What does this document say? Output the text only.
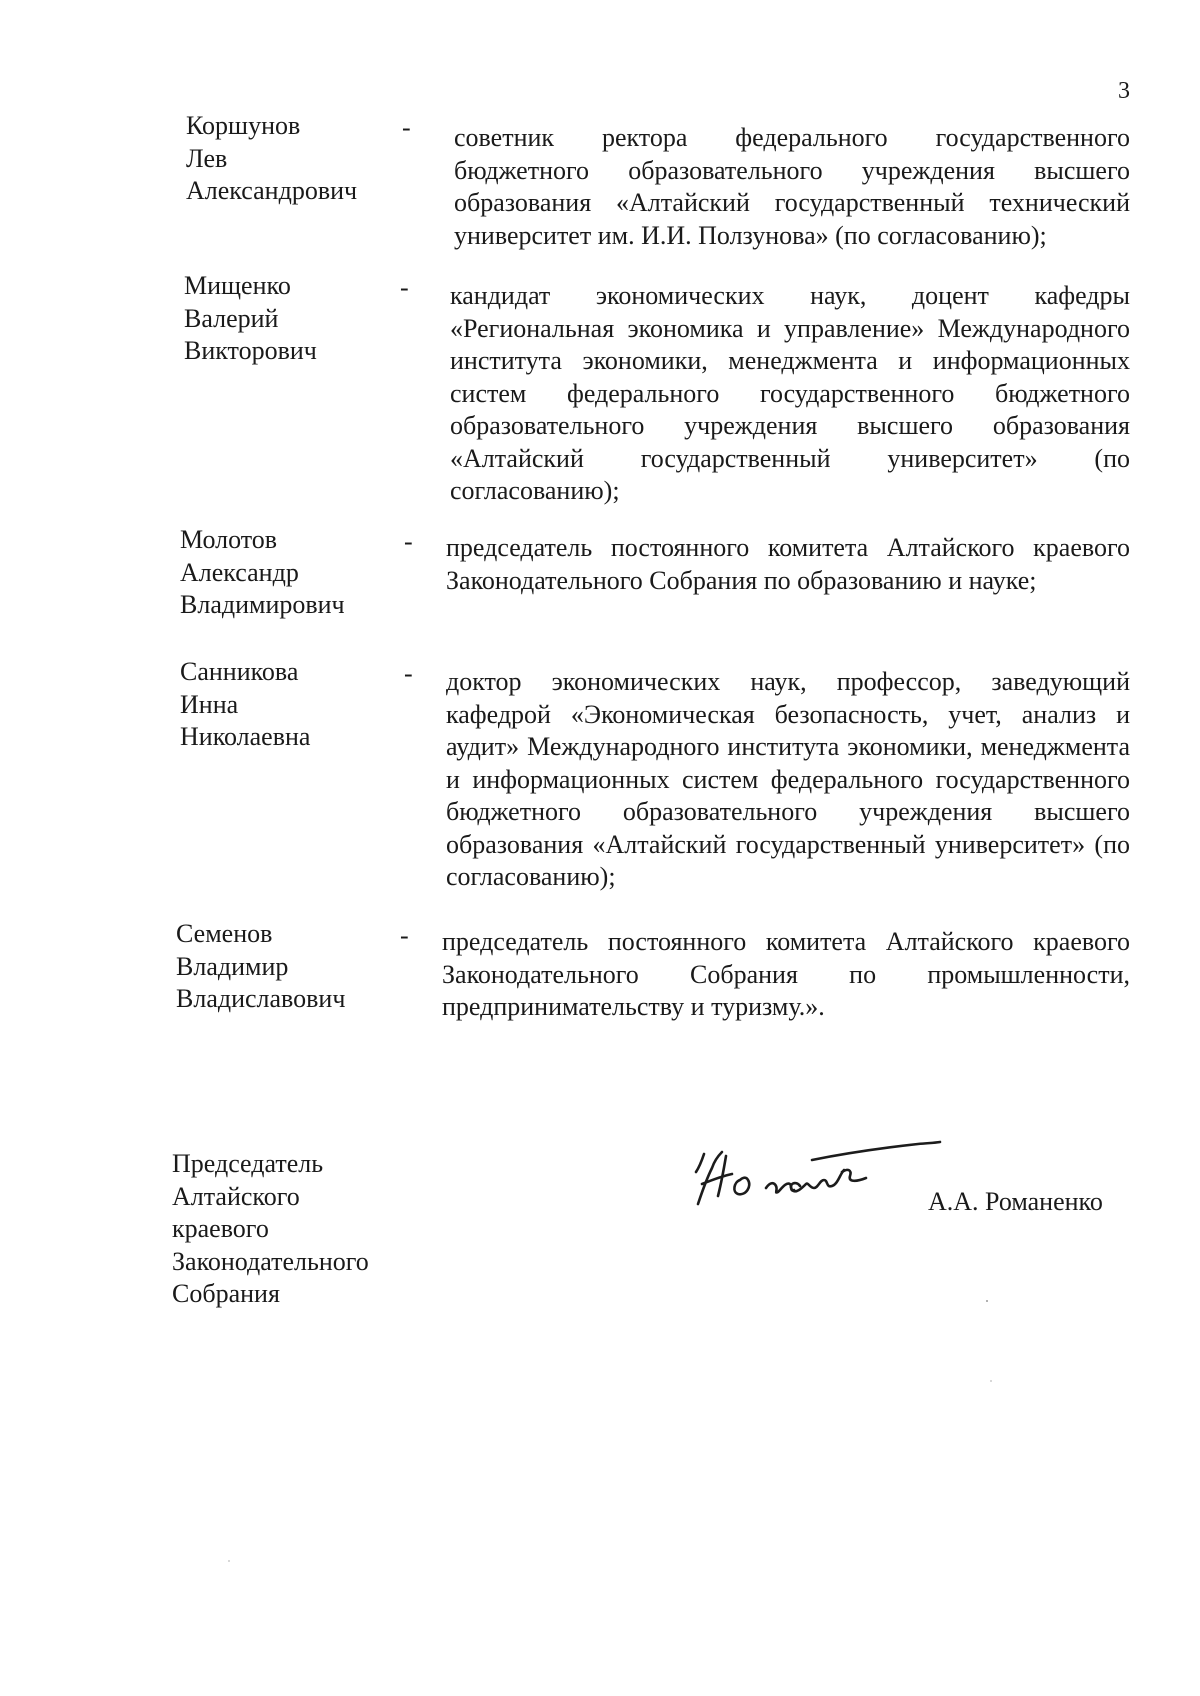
3
Коршунов
Лев
Александрович
- советник ректора федерального государственного бюджетного образовательного учреждения высшего образования «Алтайский государственный технический университет им. И.И. Ползунова» (по согласованию);
Мищенко
Валерий
Викторович
- кандидат экономических наук, доцент кафедры «Региональная экономика и управление» Международного института экономики, менеджмента и информационных систем федерального государственного бюджетного образовательного учреждения высшего образования «Алтайский государственный университет» (по согласованию);
Молотов
Александр
Владимирович
- председатель постоянного комитета Алтайского краевого Законодательного Собрания по образованию и науке;
Санникова
Инна
Николаевна
- доктор экономических наук, профессор, заведующий кафедрой «Экономическая безопасность, учет, анализ и аудит» Международного института экономики, менеджмента и информационных систем федерального государственного бюджетного образовательного учреждения высшего образования «Алтайский государственный университет» (по согласованию);
Семенов
Владимир
Владиславович
- председатель постоянного комитета Алтайского краевого Законодательного Собрания по промышленности, предпринимательству и туризму.».
Председатель Алтайского краевого
Законодательного Собрания
А.А. Романенко
